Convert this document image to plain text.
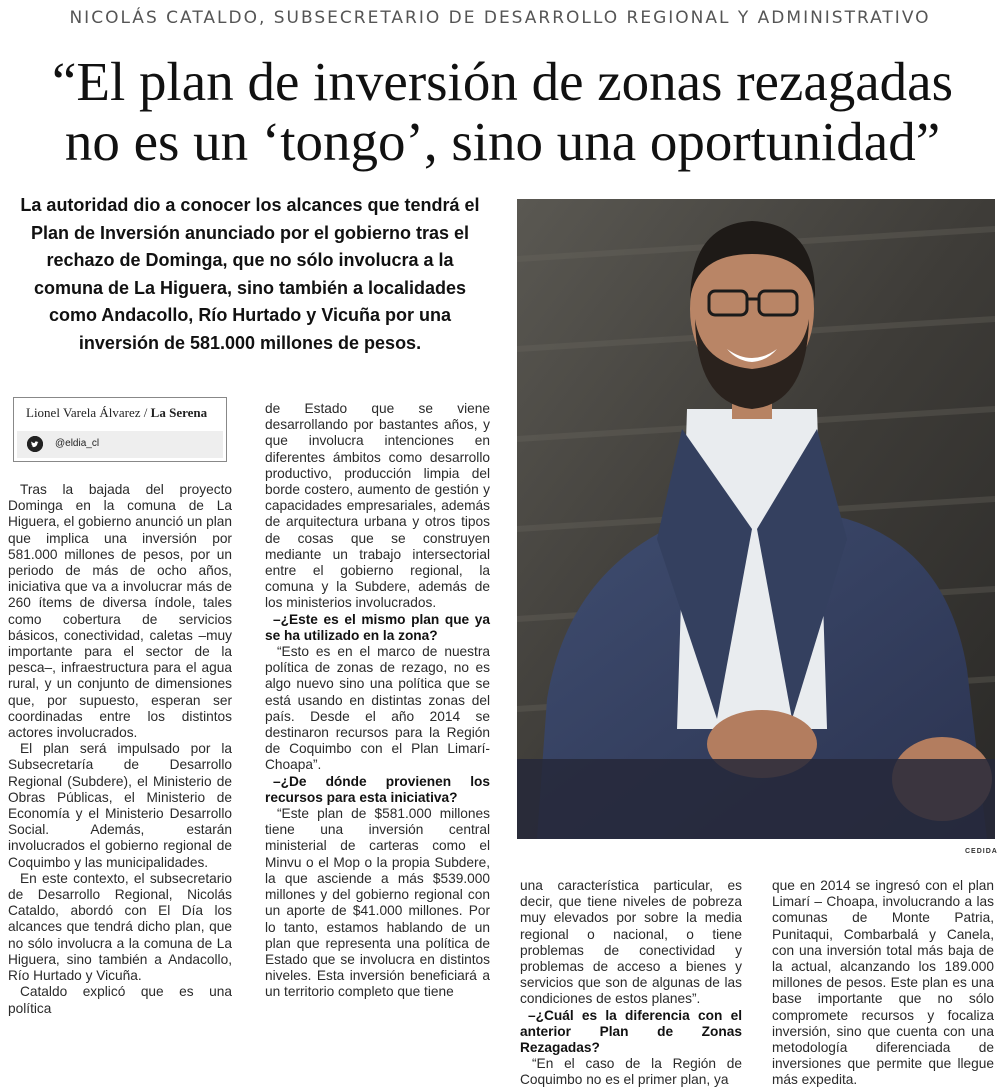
NICOLÁS CATALDO, SUBSECRETARIO DE DESARROLLO REGIONAL Y ADMINISTRATIVO
“El plan de inversión de zonas rezagadas
no es un ‘tongo’, sino una oportunidad”

La autoridad dio a conocer los alcances que tendrá el Plan de Inversión anunciado por el gobierno tras el rechazo de Dominga, que no sólo involucra a la comuna de La Higuera, sino también a localidades como Andacollo, Río Hurtado y Vicuña por una inversión de 581.000 millones de pesos.

Lionel Varela Álvarez / La Serena
@eldia_cl

Tras la bajada del proyecto Dominga en la comuna de La Higuera, el gobierno anunció un plan que implica una inversión por 581.000 millones de pesos, por un periodo de más de ocho años, iniciativa que va a involucrar más de 260 ítems de diversa índole, tales como cobertura de servicios básicos, conectividad, caletas –muy importante para el sector de la pesca–, infraestructura para el agua rural, y un conjunto de dimensiones que, por supuesto, esperan ser coordinadas entre los distintos actores involucrados.

El plan será impulsado por la Subsecretaría de Desarrollo Regional (Subdere), el Ministerio de Obras Públicas, el Ministerio de Economía y el Ministerio Desarrollo Social. Además, estarán involucrados el gobierno regional de Coquimbo y las municipalidades.

En este contexto, el subsecretario de Desarrollo Regional, Nicolás Cataldo, abordó con El Día los alcances que tendrá dicho plan, que no sólo involucra a la comuna de La Higuera, sino también a Andacollo, Río Hurtado y Vicuña.

Cataldo explicó que es una política

de Estado que se viene desarrollando por bastantes años, y que involucra intenciones en diferentes ámbitos como desarrollo productivo, producción limpia del borde costero, aumento de gestión y capacidades empresariales, además de arquitectura urbana y otros tipos de cosas que se construyen mediante un trabajo intersectorial entre el gobierno regional, la comuna y la Subdere, además de los ministerios involucrados.

–¿Este es el mismo plan que ya se ha utilizado en la zona?

“Esto es en el marco de nuestra política de zonas de rezago, no es algo nuevo sino una política que se está usando en distintas zonas del país. Desde el año 2014 se destinaron recursos para la Región de Coquimbo con el Plan Limarí-Choapa”.

–¿De dónde provienen los recursos para esta iniciativa?

“Este plan de $581.000 millones tiene una inversión central ministerial de carteras como el Minvu o el Mop o la propia Subdere, la que asciende a más $539.000 millones y del gobierno regional con un aporte de $41.000 millones. Por lo tanto, estamos hablando de un plan que representa una política de Estado que se involucra en distintos niveles. Esta inversión beneficiará a un territorio completo que tiene

CEDIDA

una característica particular, es decir, que tiene niveles de pobreza muy elevados por sobre la media regional o nacional, o tiene problemas de conectividad y problemas de acceso a bienes y servicios que son de algunas de las condiciones de estos planes”.

–¿Cuál es la diferencia con el anterior Plan de Zonas Rezagadas?

“En el caso de la Región de Coquimbo no es el primer plan, ya

que en 2014 se ingresó con el plan Limarí – Choapa, involucrando a las comunas de Monte Patria, Punitaqui, Combarbalá y Canela, con una inversión total más baja de la actual, alcanzando los 189.000 millones de pesos. Este plan es una base importante que no sólo compromete recursos y focaliza inversión, sino que cuenta con una metodología diferenciada de inversiones que permite que llegue más expedita.
